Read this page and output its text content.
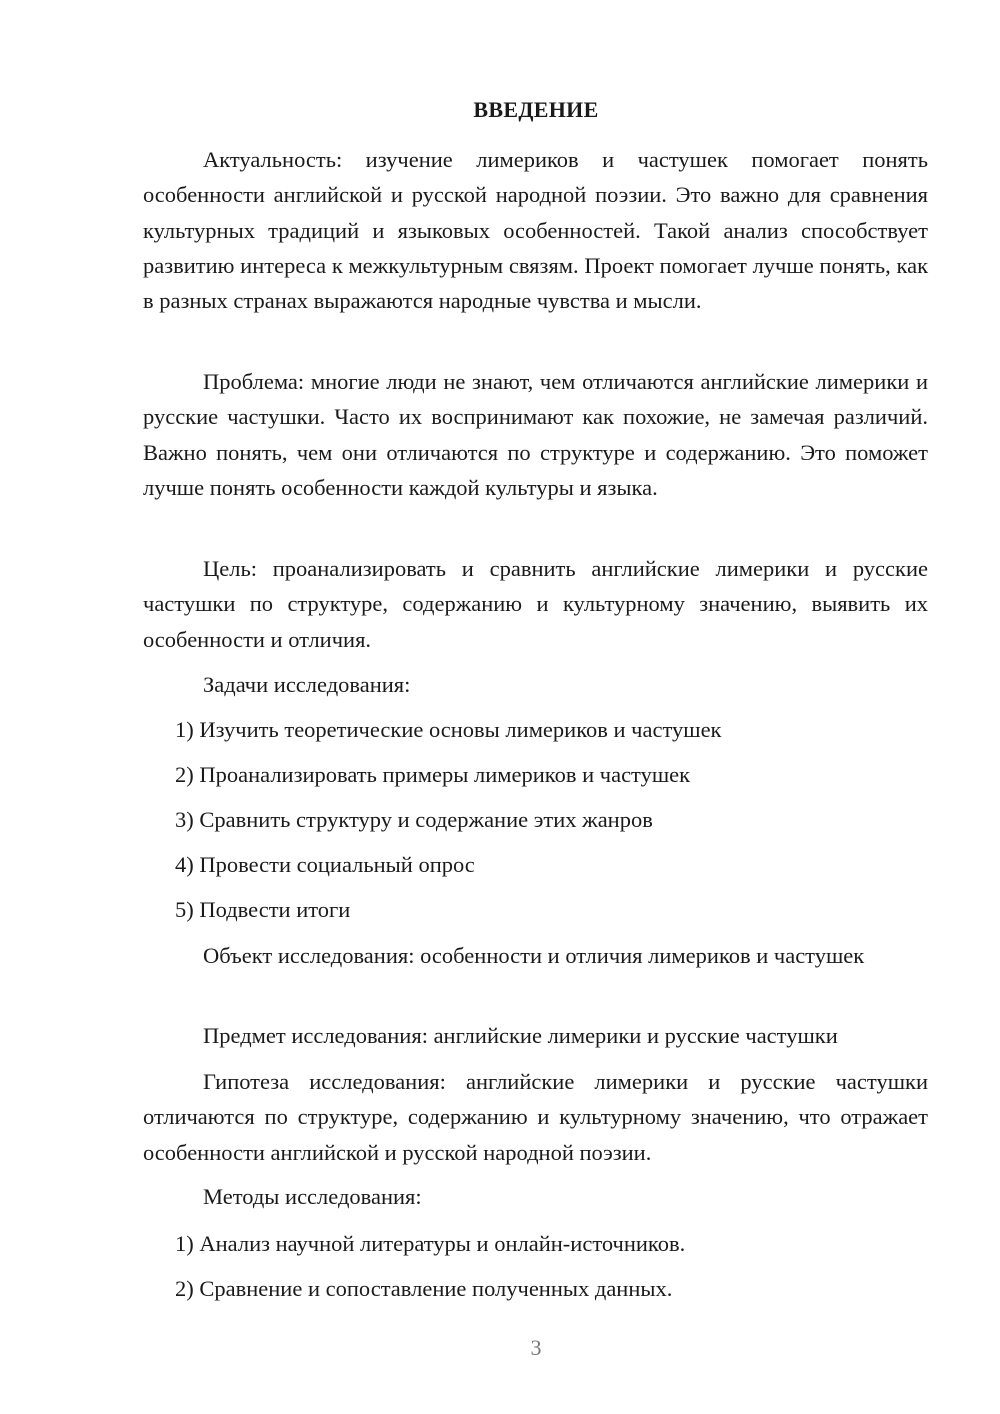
ВВЕДЕНИЕ

Актуальность: изучение лимериков и частушек помогает понять особенности английской и русской народной поэзии. Это важно для сравнения культурных традиций и языковых особенностей. Такой анализ способствует развитию интереса к межкультурным связям. Проект помогает лучше понять, как в разных странах выражаются народные чувства и мысли.

Проблема: многие люди не знают, чем отличаются английские лимерики и русские частушки. Часто их воспринимают как похожие, не замечая различий. Важно понять, чем они отличаются по структуре и содержанию. Это поможет лучше понять особенности каждой культуры и языка.

Цель: проанализировать и сравнить английские лимерики и русские частушки по структуре, содержанию и культурному значению, выявить их особенности и отличия.

Задачи исследования:
1) Изучить теоретические основы лимериков и частушек
2) Проанализировать примеры лимериков и частушек
3) Сравнить структуру и содержание этих жанров
4) Провести социальный опрос
5) Подвести итоги

Объект исследования: особенности и отличия лимериков и частушек

Предмет исследования: английские лимерики и русские частушки

Гипотеза исследования: английские лимерики и русские частушки отличаются по структуре, содержанию и культурному значению, что отражает особенности английской и русской народной поэзии.

Методы исследования:
1) Анализ научной литературы и онлайн-источников.
2) Сравнение и сопоставление полученных данных.
3
